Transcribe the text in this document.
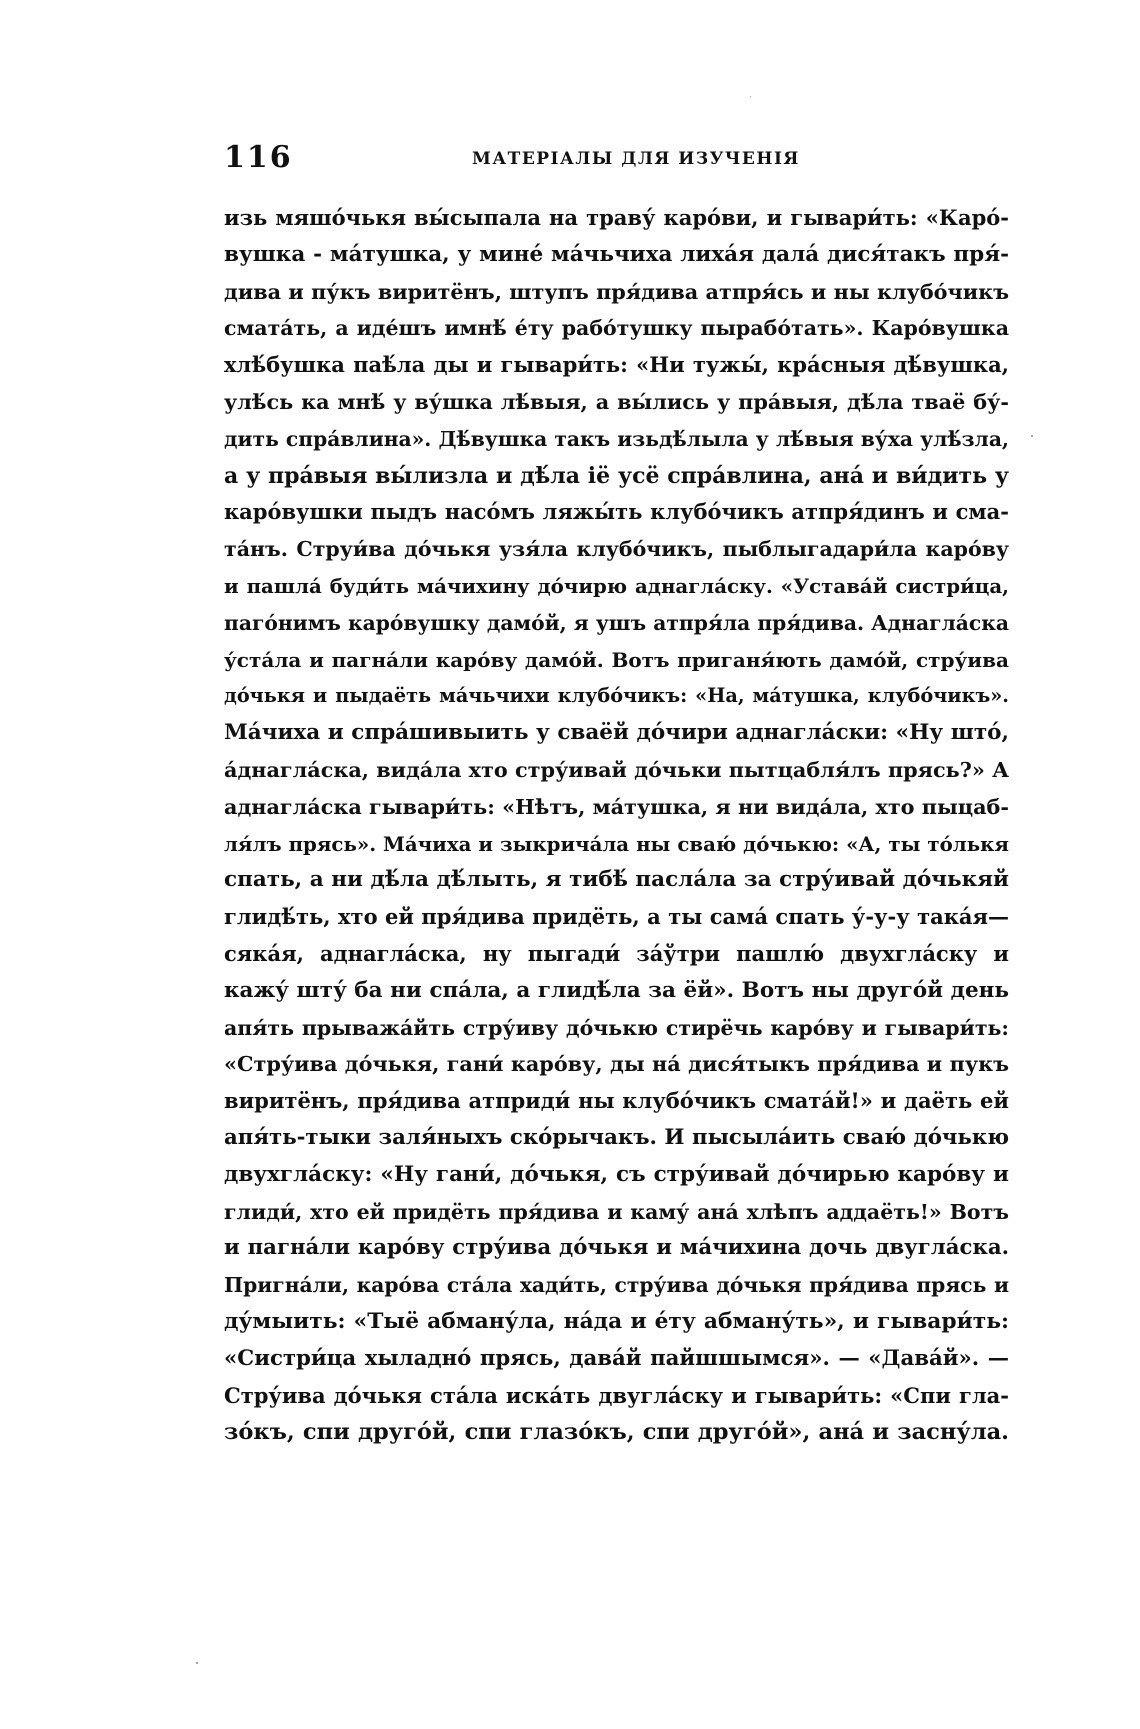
116	МАТЕРІАЛЫ ДЛЯ ИЗУЧЕНІЯ
изь мяшо́чькя вы́сыпала на траву́ каро́ви, и гывари́ть: «Каро́-
вушка - ма́тушка, у мине́ ма́чьчиха лиха́я дала́ дися́такъ пря́-
дива и пу́къ виритёнъ, штупъ пря́дива атпря́сь и ны клубо́чикъ
смата́ть, а иде́шъ имнѣ́ е́ту рабо́тушку пырабо́тать». Каро́вушка
хлѣ́бушка паѣ́ла ды и гывари́ть: «Ни тужы́, кра́сныя дѣ́вушка,
улѣ́сь ка мнѣ́ у ву́шка лѣ́выя, а вы́лись у пра́выя, дѣ́ла тваё бу́-
дить спра́влина». Дѣ́вушка такъ изьдѣ́лыла у лѣ́выя ву́ха улѣ́зла,
а у пра́выя вы́лизла и дѣ́ла іё усё спра́влина, ана́ и ви́дить у
каро́вушки пыдъ насо́мъ ляжы́ть клубо́чикъ атпря́динъ и сма-
та́нъ. Струи́ва до́чькя узя́ла клубо́чикъ, пыблыгадари́ла каро́ву
и пашла́ буди́ть ма́чихину до́чирю аднагла́ску. «Устава́й систри́ца,
паго́нимъ каро́вушку дамо́й, я ушъ атпря́ла пря́дива. Аднагла́ска
у́ста́ла и пагна́ли каро́ву дамо́й. Вотъ приганя́ють дамо́й, стру́ива
до́чькя и пыдаёть ма́чьчихи клубо́чикъ: «На, ма́тушка, клубо́чикъ».
Ма́чиха и спра́шивыить у сваёй до́чири аднагла́ски: «Ну што́,
а́днагла́ска, вида́ла хто стру́ивай до́чьки пытцабля́лъ прясь?» А
аднагла́ска гывари́ть: «Нѣтъ, ма́тушка, я ни вида́ла, хто пыцаб-
ля́лъ прясь». Ма́чиха и зыкрича́ла ны сваю́ до́чькю: «А, ты то́лькя
спать, а ни дѣ́ла дѣ́лыть, я тибѣ́ пасла́ла за стру́ивай до́чькяй
глидѣ́ть, хто ей пря́дива придёть, а ты сама́ спать у́-у-у така́я—
сяка́я, аднагла́ска, ну пыгади́ за́ўтри пашлю́ двухгла́ску и
кажу́ шту́ ба ни спа́ла, а глидѣ́ла за ёй». Вотъ ны друго́й день
апя́ть прыважа́йть стру́иву до́чькю стирёчь каро́ву и гывари́ть:
«Стру́ива до́чькя, гани́ каро́ву, ды на́ дися́тыкъ пря́дива и пукъ
виритёнъ, пря́дива атприди́ ны клубо́чикъ смата́й!» и даёть ей
апя́ть-тыки заля́ныхъ ско́рычакъ. И пысыла́ить сваю́ до́чькю
двухгла́ску: «Ну гани́, до́чькя, съ стру́ивай до́чирью каро́ву и
глиди́, хто ей придёть пря́дива и каму́ ана́ хлѣпъ аддаёть!» Вотъ
и пагна́ли каро́ву стру́ива до́чькя и ма́чихина дочь двугла́ска.
Пригна́ли, каро́ва ста́ла хади́ть, стру́ива до́чькя пря́дива прясь и
ду́мыить: «Тыё абману́ла, на́да и е́ту абману́ть», и гывари́ть:
«Систри́ца хыладно́ прясь, дава́й пайшшымся». — «Дава́й». —
Стру́ива до́чькя ста́ла иска́ть двугла́ску и гывари́ть: «Спи гла-
зо́къ, спи друго́й, спи глазо́къ, спи друго́й», ана́ и засну́ла.
